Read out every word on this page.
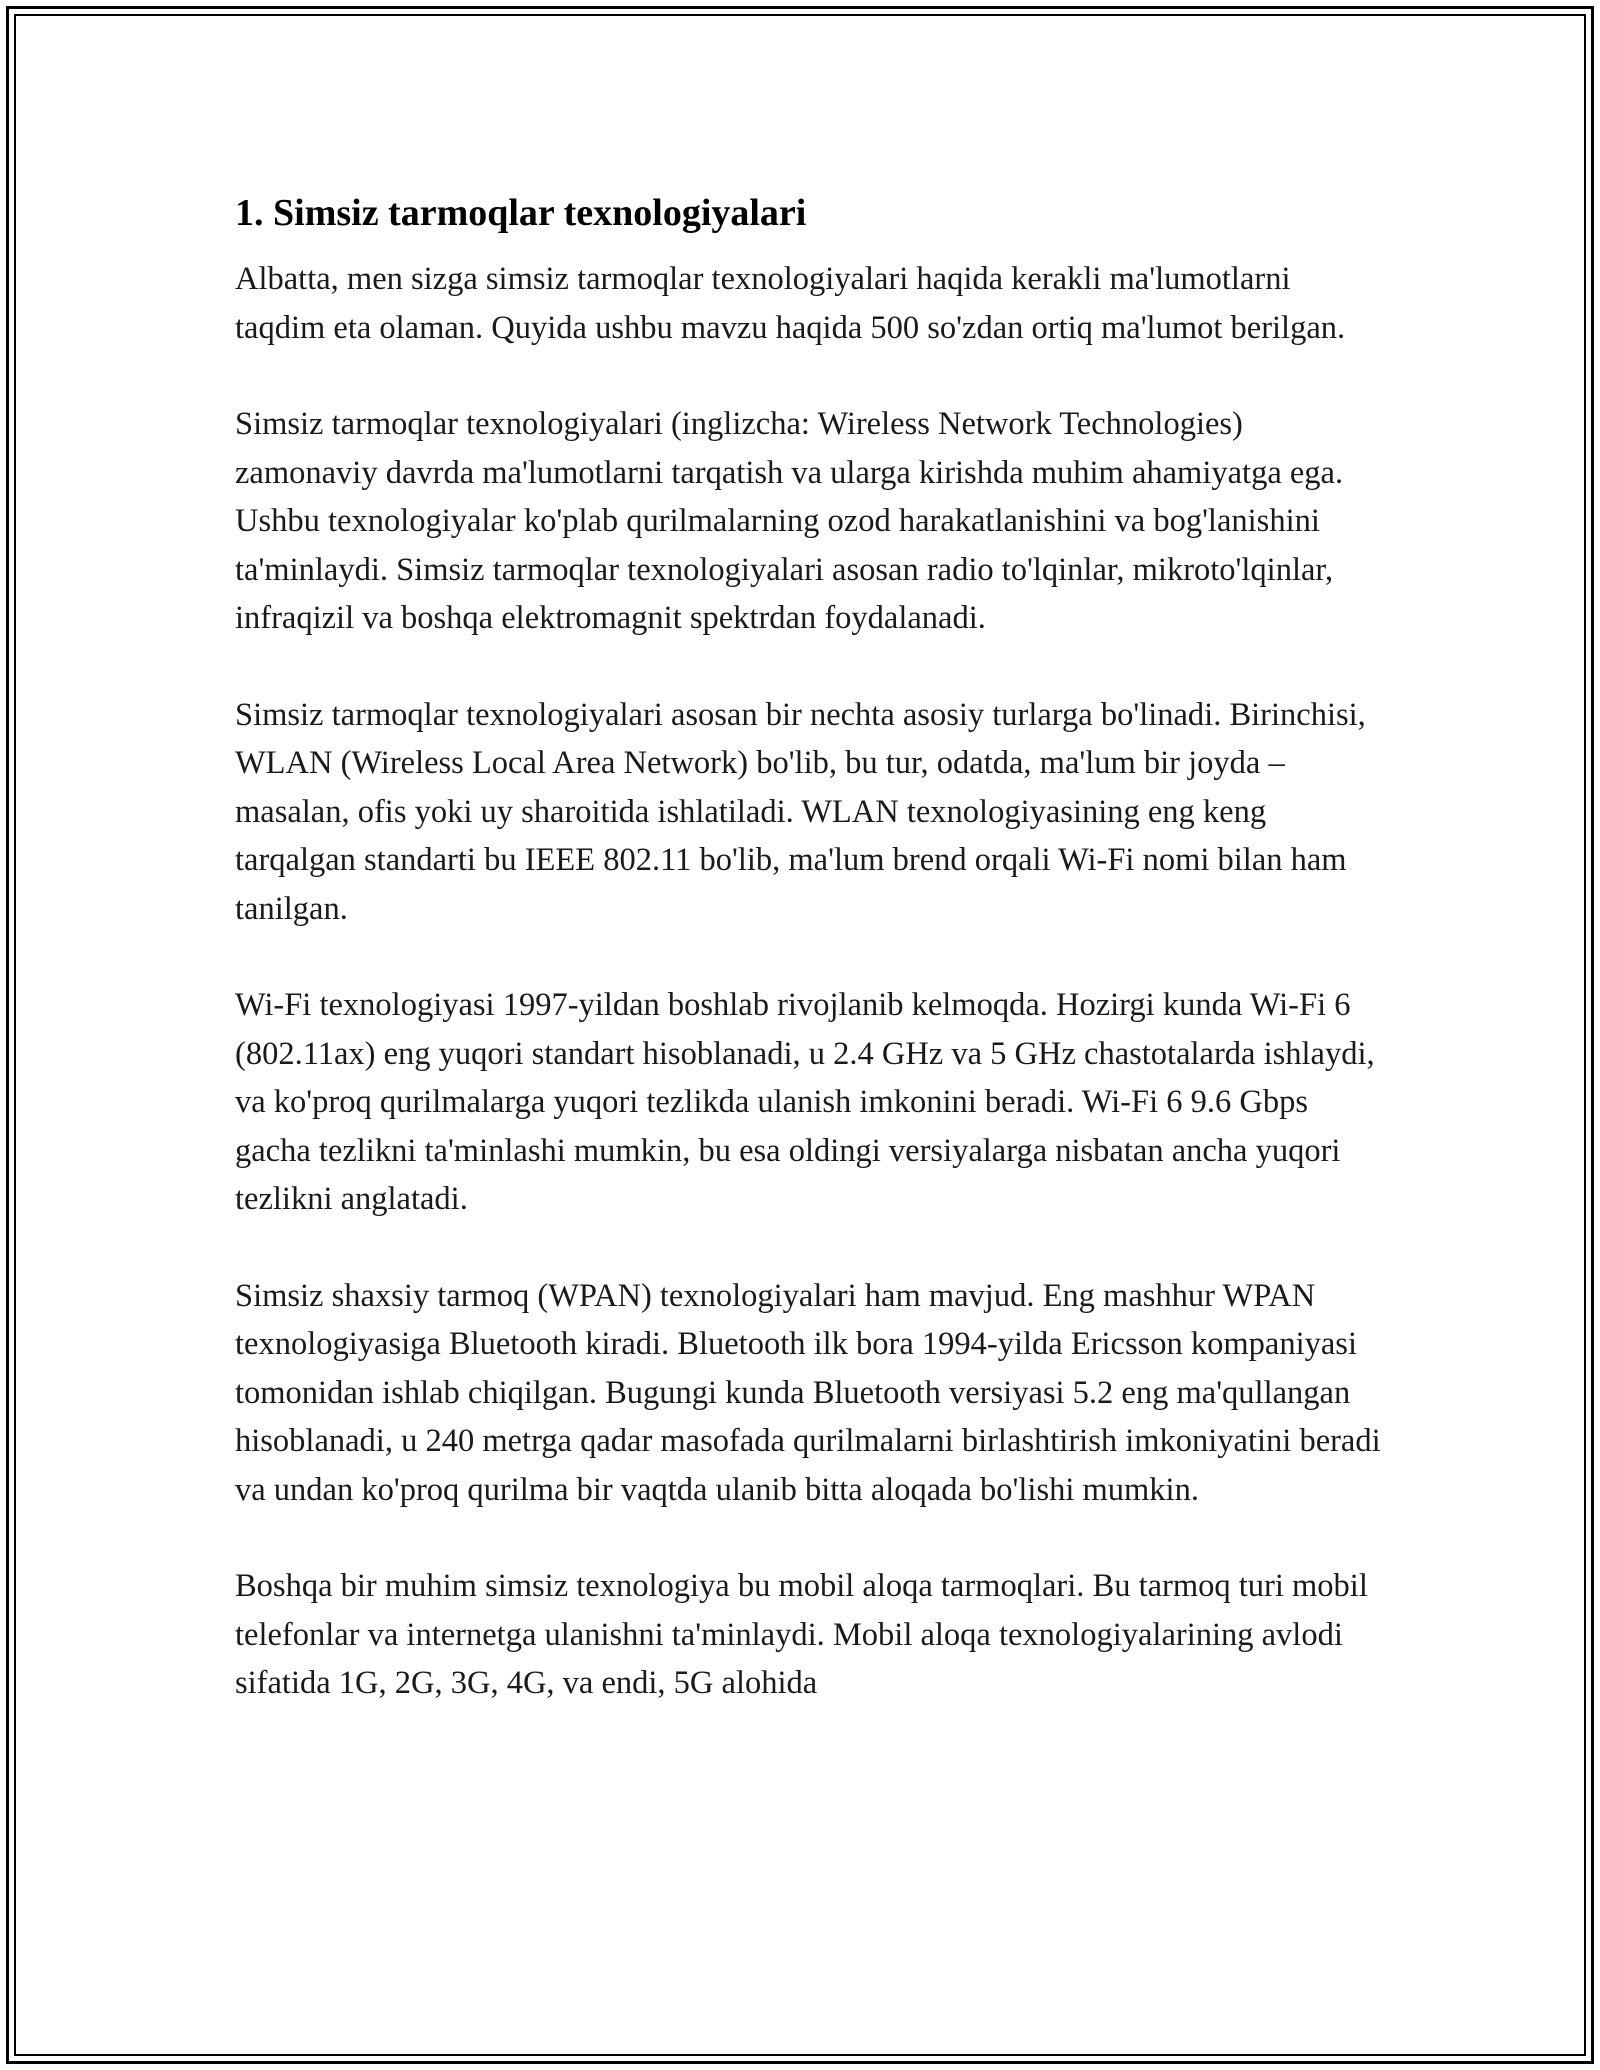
1. Simsiz tarmoqlar texnologiyalari

Albatta, men sizga simsiz tarmoqlar texnologiyalari haqida kerakli ma'lumotlarni taqdim eta olaman. Quyida ushbu mavzu haqida 500 so'zdan ortiq ma'lumot berilgan.

Simsiz tarmoqlar texnologiyalari (inglizcha: Wireless Network Technologies) zamonaviy davrda ma'lumotlarni tarqatish va ularga kirishda muhim ahamiyatga ega. Ushbu texnologiyalar ko'plab qurilmalarning ozod harakatlanishini va bog'lanishini ta'minlaydi. Simsiz tarmoqlar texnologiyalari asosan radio to'lqinlar, mikroto'lqinlar, infraqizil va boshqa elektromagnit spektrdan foydalanadi.

Simsiz tarmoqlar texnologiyalari asosan bir nechta asosiy turlarga bo'linadi. Birinchisi, WLAN (Wireless Local Area Network) bo'lib, bu tur, odatda, ma'lum bir joyda – masalan, ofis yoki uy sharoitida ishlatiladi. WLAN texnologiyasining eng keng tarqalgan standarti bu IEEE 802.11 bo'lib, ma'lum brend orqali Wi-Fi nomi bilan ham tanilgan.

Wi-Fi texnologiyasi 1997-yildan boshlab rivojlanib kelmoqda. Hozirgi kunda Wi-Fi 6 (802.11ax) eng yuqori standart hisoblanadi, u 2.4 GHz va 5 GHz chastotalarda ishlaydi, va ko'proq qurilmalarga yuqori tezlikda ulanish imkonini beradi. Wi-Fi 6 9.6 Gbps gacha tezlikni ta'minlashi mumkin, bu esa oldingi versiyalarga nisbatan ancha yuqori tezlikni anglatadi.

Simsiz shaxsiy tarmoq (WPAN) texnologiyalari ham mavjud. Eng mashhur WPAN texnologiyasiga Bluetooth kiradi. Bluetooth ilk bora 1994-yilda Ericsson kompaniyasi tomonidan ishlab chiqilgan. Bugungi kunda Bluetooth versiyasi 5.2 eng ma'qullangan hisoblanadi, u 240 metrga qadar masofada qurilmalarni birlashtirish imkoniyatini beradi va undan ko'proq qurilma bir vaqtda ulanib bitta aloqada bo'lishi mumkin.

Boshqa bir muhim simsiz texnologiya bu mobil aloqa tarmoqlari. Bu tarmoq turi mobil telefonlar va internetga ulanishni ta'minlaydi. Mobil aloqa texnologiyalarining avlodi sifatida 1G, 2G, 3G, 4G, va endi, 5G alohida
